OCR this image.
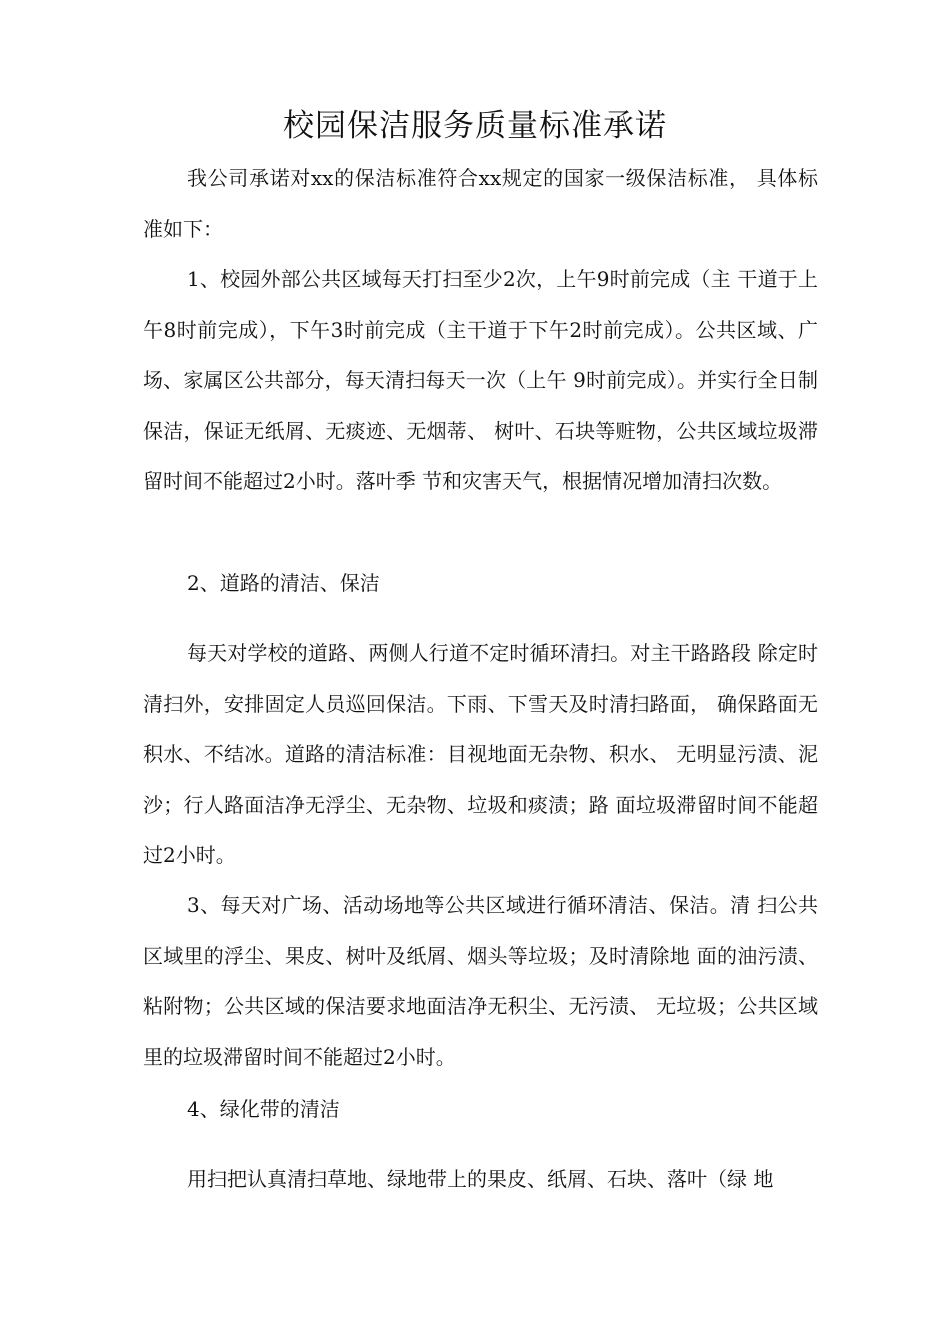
校园保洁服务质量标准承诺

我公司承诺对xx的保洁标准符合xx规定的国家一级保洁标准， 具体标准如下：

1、校园外部公共区域每天打扫至少2次，上午9时前完成（主 干道于上午8时前完成），下午3时前完成（主干道于下午2时前完成）。公共区域、广场、家属区公共部分，每天清扫每天一次（上午 9时前完成）。并实行全日制保洁，保证无纸屑、无痰迹、无烟蒂、 树叶、石块等赃物，公共区域垃圾滞留时间不能超过2小时。落叶季 节和灾害天气，根据情况增加清扫次数。

2、道路的清洁、保洁

每天对学校的道路、两侧人行道不定时循环清扫。对主干路路段 除定时清扫外，安排固定人员巡回保洁。下雨、下雪天及时清扫路面， 确保路面无积水、不结冰。道路的清洁标准：目视地面无杂物、积水、 无明显污渍、泥沙；行人路面洁净无浮尘、无杂物、垃圾和痰渍；路 面垃圾滞留时间不能超过2小时。

3、每天对广场、活动场地等公共区域进行循环清洁、保洁。清 扫公共区域里的浮尘、果皮、树叶及纸屑、烟头等垃圾；及时清除地 面的油污渍、粘附物；公共区域的保洁要求地面洁净无积尘、无污渍、 无垃圾；公共区域里的垃圾滞留时间不能超过2小时。

4、绿化带的清洁

用扫把认真清扫草地、绿地带上的果皮、纸屑、石块、落叶（绿 地
